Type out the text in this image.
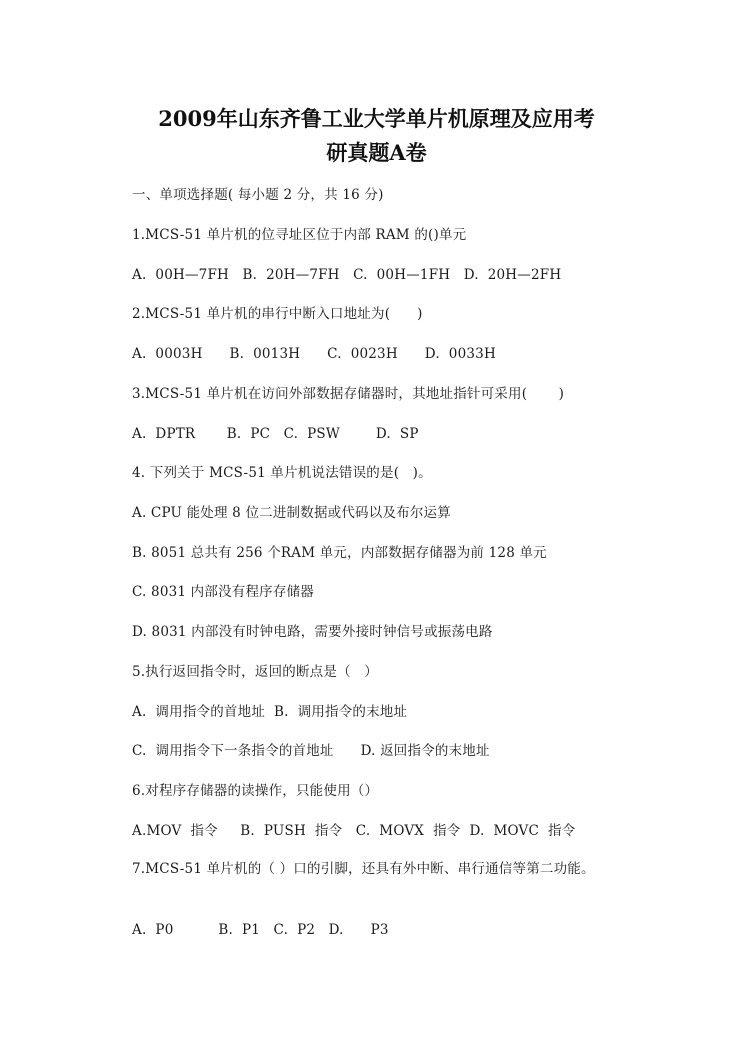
2009年山东齐鲁工业大学单片机原理及应用考
研真题A卷
一、单项选择题( 每小题 2 分，共 16 分)
1.MCS-51 单片机的位寻址区位于内部 RAM 的()单元
A.  00H—7FH   B.  20H—7FH   C.  00H—1FH   D.  20H—2FH
2.MCS-51 单片机的串行中断入口地址为(      )
A.  0003H      B.  0013H      C.  0023H      D.  0033H
3.MCS-51 单片机在访问外部数据存储器时，其地址指针可采用(       )
A.  DPTR       B.  PC   C.  PSW        D.  SP
4. 下列关于 MCS-51 单片机说法错误的是(   )。
A. CPU 能处理 8 位二进制数据或代码以及布尔运算
B. 8051 总共有 256 个RAM 单元，内部数据存储器为前 128 单元
C. 8031 内部没有程序存储器
D. 8031 内部没有时钟电路，需要外接时钟信号或振荡电路
5.执行返回指令时，返回的断点是（   ）
A.  调用指令的首地址  B.  调用指令的末地址
C.  调用指令下一条指令的首地址      D. 返回指令的末地址
6.对程序存储器的读操作，只能使用（）
A.MOV  指令     B.  PUSH  指令   C.  MOVX  指令  D.  MOVC  指令
7.MCS-51 单片机的（ ）口的引脚，还具有外中断、串行通信等第二功能。
A.  P0          B.  P1   C.  P2   D.      P3
